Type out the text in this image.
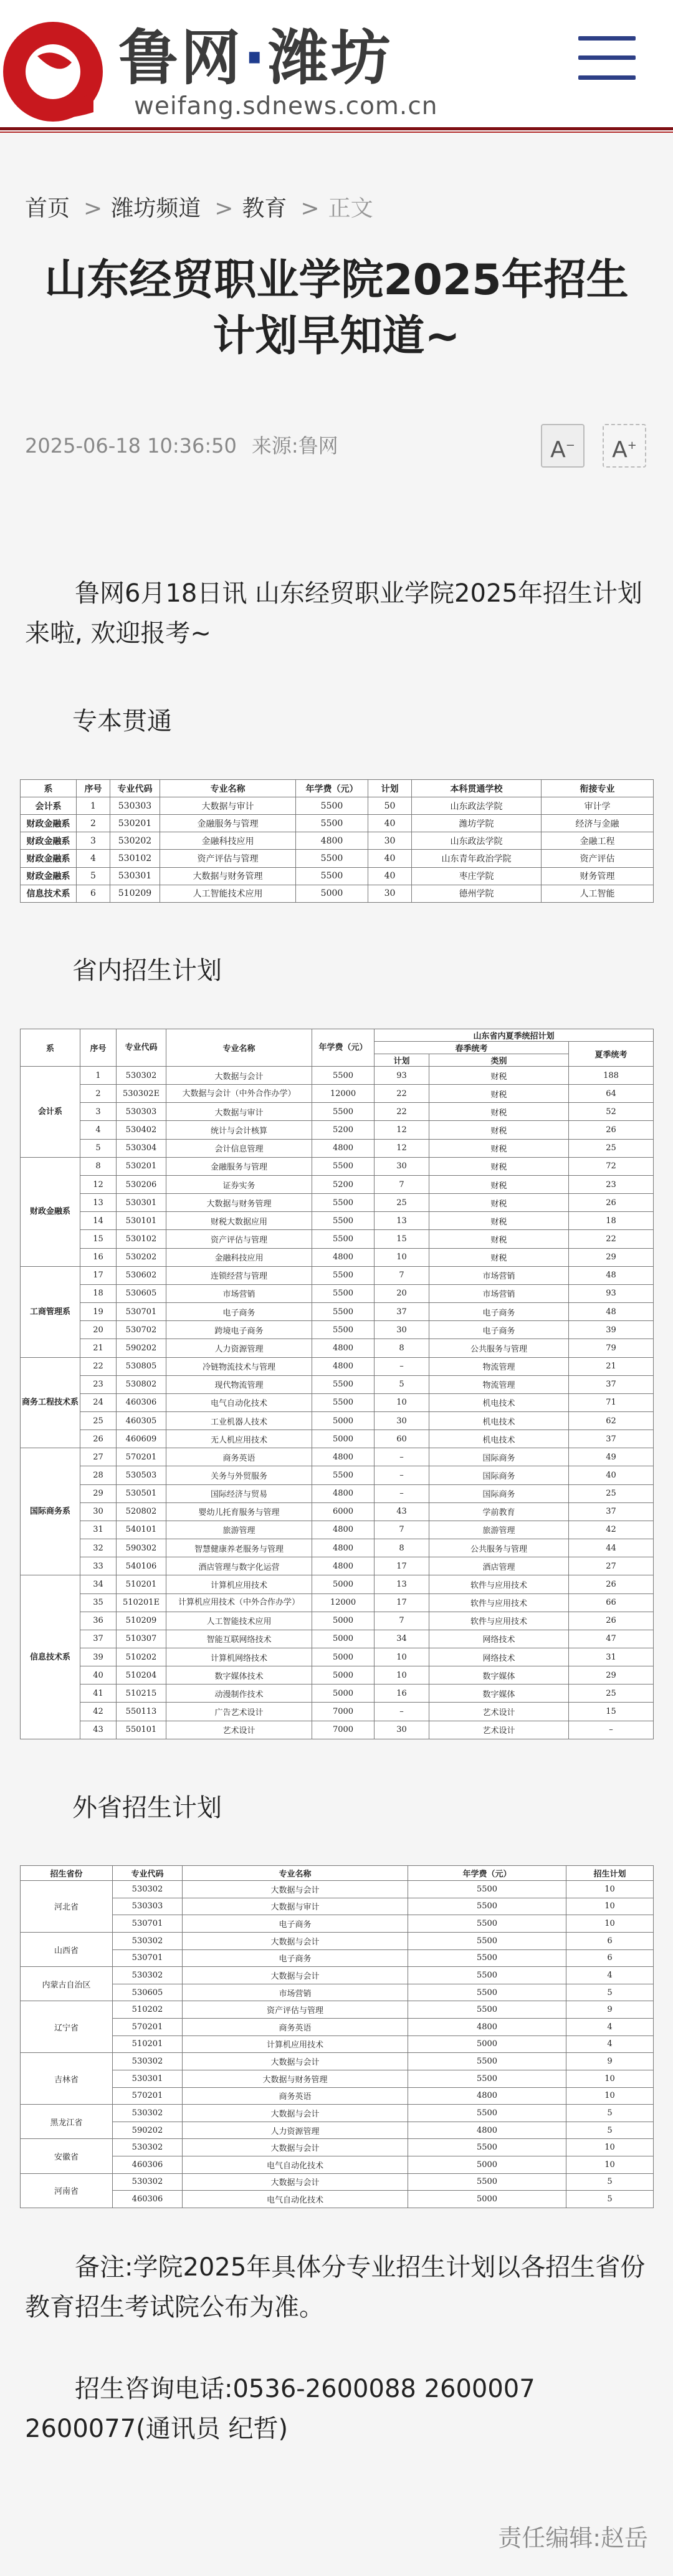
鲁网·潍坊
weifang.sdnews.com.cn
首页 > 潍坊频道 > 教育 > 正文
山东经贸职业学院2025年招生计划早知道~
2025-06-18 10:36:50 来源:鲁网	A−	A+

鲁网6月18日讯 山东经贸职业学院2025年招生计划来啦, 欢迎报考~

专本贯通
系	序号	专业代码	专业名称	年学费（元）	计划	本科贯通学校	衔接专业
会计系	1	530303	大数据与审计	5500	50	山东政法学院	审计学
财政金融系	2	530201	金融服务与管理	5500	40	潍坊学院	经济与金融
财政金融系	3	530202	金融科技应用	4800	30	山东政法学院	金融工程
财政金融系	4	530102	资产评估与管理	5500	40	山东青年政治学院	资产评估
财政金融系	5	530301	大数据与财务管理	5500	40	枣庄学院	财务管理
信息技术系	6	510209	人工智能技术应用	5000	30	德州学院	人工智能
省内招生计划
系	序号	专业代码	专业名称	年学费（元）	山东省内夏季统招计划		
					春季统考		夏季统考
					计划	类别	
会计系	1	530302	大数据与会计	5500	93	财税	188
	2	530302E	大数据与会计（中外合作办学）	12000	22	财税	64
	3	530303	大数据与审计	5500	22	财税	52
	4	530402	统计与会计核算	5200	12	财税	26
	5	530304	会计信息管理	4800	12	财税	25
财政金融系	8	530201	金融服务与管理	5500	30	财税	72
	12	530206	证券实务	5200	7	财税	23
	13	530301	大数据与财务管理	5500	25	财税	26
	14	530101	财税大数据应用	5500	13	财税	18
	15	530102	资产评估与管理	5500	15	财税	22
	16	530202	金融科技应用	4800	10	财税	29
工商管理系	17	530602	连锁经营与管理	5500	7	市场营销	48
	18	530605	市场营销	5500	20	市场营销	93
	19	530701	电子商务	5500	37	电子商务	48
	20	530702	跨境电子商务	5500	30	电子商务	39
	21	590202	人力资源管理	4800	8	公共服务与管理	79
商务工程技术系	22	530805	冷链物流技术与管理	4800	–	物流管理	21
	23	530802	现代物流管理	5500	5	物流管理	37
	24	460306	电气自动化技术	5500	10	机电技术	71
	25	460305	工业机器人技术	5000	30	机电技术	62
	26	460609	无人机应用技术	5000	60	机电技术	37
国际商务系	27	570201	商务英语	4800	–	国际商务	49
	28	530503	关务与外贸服务	5500	–	国际商务	40
	29	530501	国际经济与贸易	4800	–	国际商务	25
	30	520802	婴幼儿托育服务与管理	6000	43	学前教育	37
	31	540101	旅游管理	4800	7	旅游管理	42
	32	590302	智慧健康养老服务与管理	4800	8	公共服务与管理	44
	33	540106	酒店管理与数字化运营	4800	17	酒店管理	27
信息技术系	34	510201	计算机应用技术	5000	13	软件与应用技术	26
	35	510201E	计算机应用技术（中外合作办学）	12000	17	软件与应用技术	66
	36	510209	人工智能技术应用	5000	7	软件与应用技术	26
	37	510307	智能互联网络技术	5000	34	网络技术	47
	39	510202	计算机网络技术	5000	10	网络技术	31
	40	510204	数字媒体技术	5000	10	数字媒体	29
	41	510215	动漫制作技术	5000	16	数字媒体	25
	42	550113	广告艺术设计	7000	–	艺术设计	15
	43	550101	艺术设计	7000	30	艺术设计	–
外省招生计划
招生省份	专业代码	专业名称	年学费（元）	招生计划
河北省	530302	大数据与会计	5500	10
	530303	大数据与审计	5500	10
	530701	电子商务	5500	10
山西省	530302	大数据与会计	5500	6
	530701	电子商务	5500	6
内蒙古自治区	530302	大数据与会计	5500	4
	530605	市场营销	5500	5
辽宁省	510202	资产评估与管理	5500	9
	570201	商务英语	4800	4
	510201	计算机应用技术	5000	4
吉林省	530302	大数据与会计	5500	9
	530301	大数据与财务管理	5500	10
	570201	商务英语	4800	10
黑龙江省	530302	大数据与会计	5500	5
	590202	人力资源管理	4800	5
安徽省	530302	大数据与会计	5500	10
	460306	电气自动化技术	5000	10
河南省	530302	大数据与会计	5500	5
	460306	电气自动化技术	5000	5

备注:学院2025年具体分专业招生计划以各招生省份教育招生考试院公布为准。

招生咨询电话:0536-2600088 2600007 2600077(通讯员 纪哲)

责任编辑:赵岳
